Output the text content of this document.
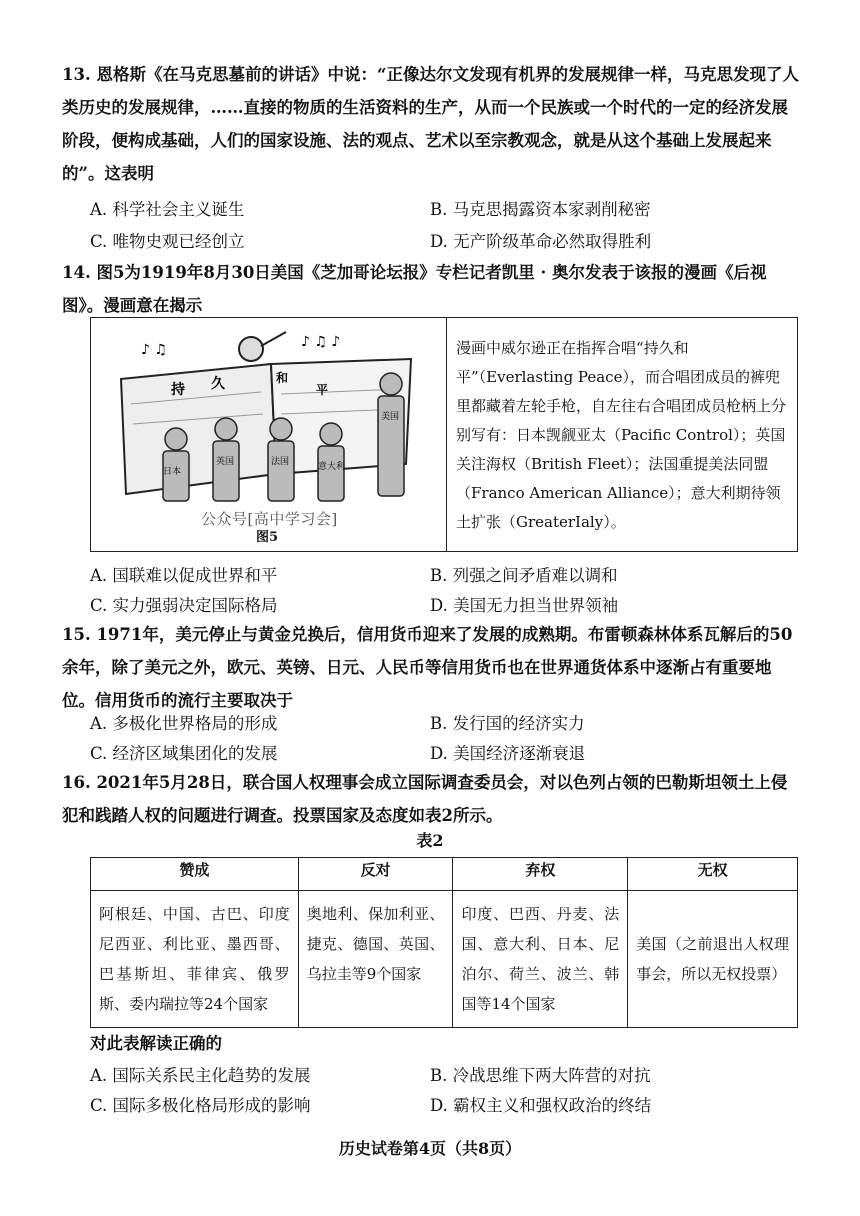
13. 恩格斯《在马克思墓前的讲话》中说：“正像达尔文发现有机界的发展规律一样，马克思发现了人类历史的发展规律，……直接的物质的生活资料的生产，从而一个民族或一个时代的一定的经济发展阶段，便构成基础，人们的国家设施、法的观点、艺术以至宗教观念，就是从这个基础上发展起来的”。这表明
A. 科学社会主义诞生	B. 马克思揭露资本家剥削秘密
C. 唯物史观已经创立	D. 无产阶级革命必然取得胜利
14. 图5为1919年8月30日美国《芝加哥论坛报》专栏记者凯里 · 奥尔发表于该报的漫画《后视图》。漫画意在揭示
♪ ♫	♪ ♫ ♪
持 久	和
平
日本
英国	法国	意大利
美国
公众号[高中学习会]
图5
漫画中威尔逊正在指挥合唱“持久和平”（Everlasting Peace），而合唱团成员的裤兜里都藏着左轮手枪，自左往右合唱团成员枪柄上分别写有：日本觊觎亚太（Pacific Control）；英国关注海权（British Fleet）；法国重提美法同盟（Franco American Alliance）；意大利期待领土扩张（GreaterIaly）。
A. 国联难以促成世界和平	B. 列强之间矛盾难以调和
C. 实力强弱决定国际格局	D. 美国无力担当世界领袖
15. 1971年，美元停止与黄金兑换后，信用货币迎来了发展的成熟期。布雷顿森林体系瓦解后的50余年，除了美元之外，欧元、英镑、日元、人民币等信用货币也在世界通货体系中逐渐占有重要地位。信用货币的流行主要取决于
A. 多极化世界格局的形成	B. 发行国的经济实力
C. 经济区域集团化的发展	D. 美国经济逐渐衰退
16. 2021年5月28日，联合国人权理事会成立国际调查委员会，对以色列占领的巴勒斯坦领土上侵犯和践踏人权的问题进行调查。投票国家及态度如表2所示。
表2
赞成	反对	弃权	无权
阿根廷、中国、古巴、印度尼西亚、利比亚、墨西哥、巴基斯坦、菲律宾、俄罗斯、委内瑞拉等24个国家	奥地利、保加利亚、捷克、德国、英国、乌拉圭等9个国家	印度、巴西、丹麦、法国、意大利、日本、尼泊尔、荷兰、波兰、韩国等14个国家	美国（之前退出人权理事会，所以无权投票）
对此表解读正确的
A. 国际关系民主化趋势的发展	B. 冷战思维下两大阵营的对抗
C. 国际多极化格局形成的影响	D. 霸权主义和强权政治的终结
历史试卷第4页（共8页）
